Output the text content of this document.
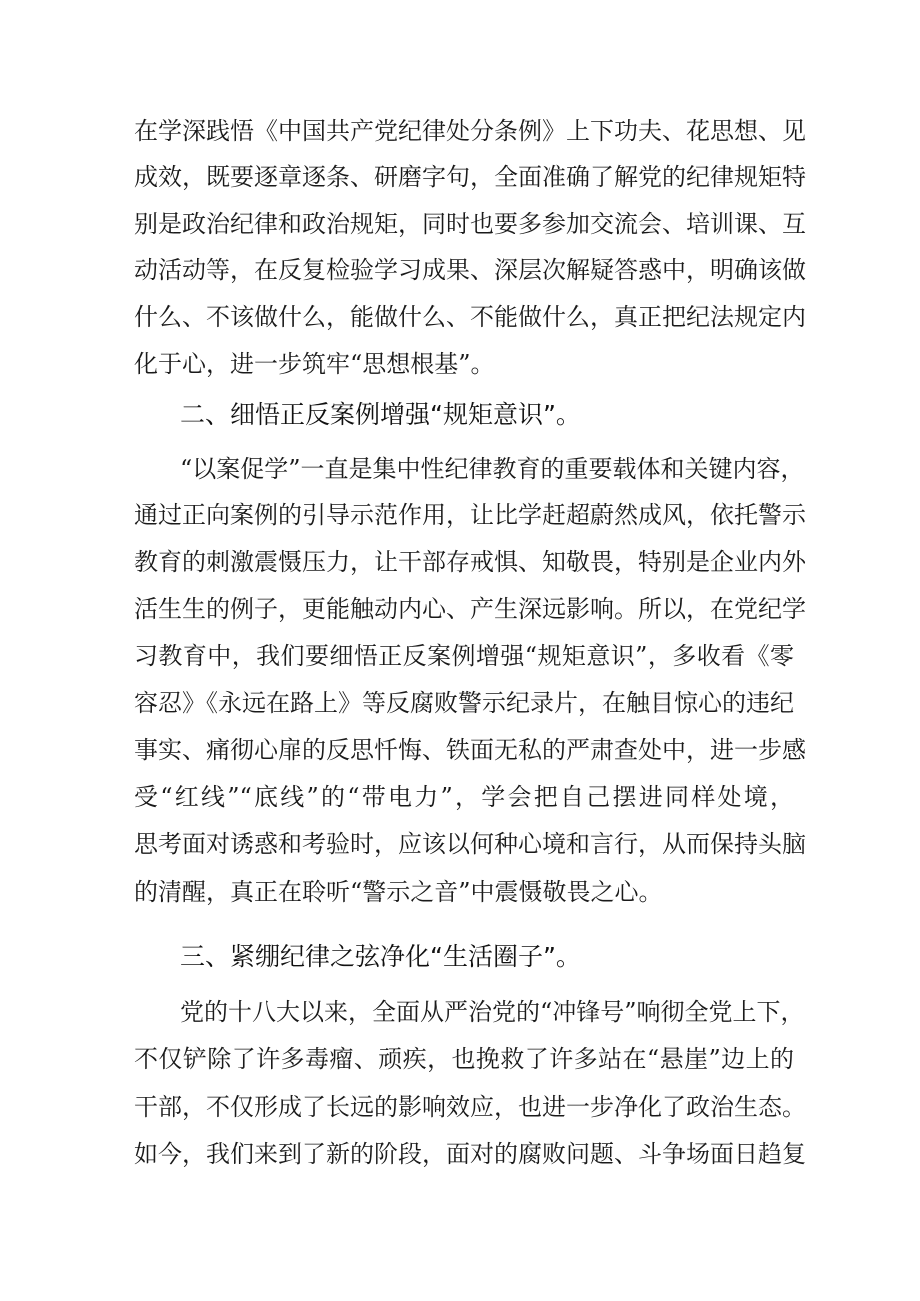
在学深践悟《中国共产党纪律处分条例》上下功夫、花思想、见
成效，既要逐章逐条、研磨字句，全面准确了解党的纪律规矩特
别是政治纪律和政治规矩，同时也要多参加交流会、培训课、互
动活动等，在反复检验学习成果、深层次解疑答惑中，明确该做
什么、不该做什么，能做什么、不能做什么，真正把纪法规定内
化于心，进一步筑牢“思想根基”。
二、细悟正反案例增强“规矩意识”。
“以案促学”一直是集中性纪律教育的重要载体和关键内容，
通过正向案例的引导示范作用，让比学赶超蔚然成风，依托警示
教育的刺激震慑压力，让干部存戒惧、知敬畏，特别是企业内外
活生生的例子，更能触动内心、产生深远影响。所以，在党纪学
习教育中，我们要细悟正反案例增强“规矩意识”，多收看《零
容忍》《永远在路上》等反腐败警示纪录片，在触目惊心的违纪
事实、痛彻心扉的反思忏悔、铁面无私的严肃查处中，进一步感
受“红线”“底线”的“带电力”，学会把自己摆进同样处境，
思考面对诱惑和考验时，应该以何种心境和言行，从而保持头脑
的清醒，真正在聆听“警示之音”中震慑敬畏之心。
三、紧绷纪律之弦净化“生活圈子”。
党的十八大以来，全面从严治党的“冲锋号”响彻全党上下，
不仅铲除了许多毒瘤、顽疾，也挽救了许多站在“悬崖”边上的
干部，不仅形成了长远的影响效应，也进一步净化了政治生态。
如今，我们来到了新的阶段，面对的腐败问题、斗争场面日趋复
